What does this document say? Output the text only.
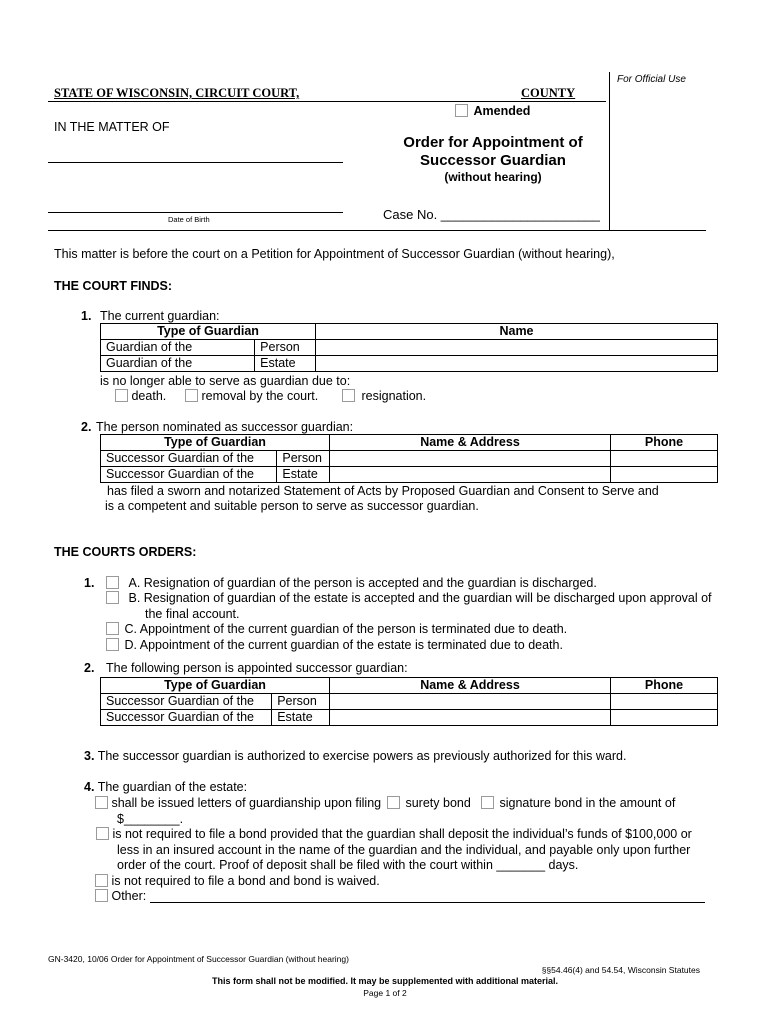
For Official Use
STATE OF WISCONSIN, CIRCUIT COURT,	COUNTY
Amended
IN THE MATTER OF
Date of Birth
Order for Appointment of
Successor Guardian
(without hearing)
Case No. ______________________
This matter is before the court on a Petition for Appointment of Successor Guardian (without hearing),
THE COURT FINDS:
1. The current guardian:
Type of Guardian		Name
Guardian of the	Person	
Guardian of the	Estate	
is no longer able to serve as guardian due to:
death.	removal by the court.	resignation.
2. The person nominated as successor guardian:
Type of Guardian		Name & Address	Phone
Successor Guardian of the	Person		
Successor Guardian of the	Estate		
has filed a sworn and notarized Statement of Acts by Proposed Guardian and Consent to Serve and
is a competent and suitable person to serve as successor guardian.
THE COURTS ORDERS:
1.	A. Resignation of guardian of the person is accepted and the guardian is discharged.
B. Resignation of guardian of the estate is accepted and the guardian will be discharged upon approval of
the final account.
C. Appointment of the current guardian of the person is terminated due to death.
D. Appointment of the current guardian of the estate is terminated due to death.
2. The following person is appointed successor guardian:
Type of Guardian		Name & Address	Phone
Successor Guardian of the	Person		
Successor Guardian of the	Estate		
3. The successor guardian is authorized to exercise powers as previously authorized for this ward.
4. The guardian of the estate:
shall be issued letters of guardianship upon filing	surety bond	signature bond in the amount of
$________.
is not required to file a bond provided that the guardian shall deposit the individual’s funds of $100,000 or
less in an insured account in the name of the guardian and the individual, and payable only upon further
order of the court. Proof of deposit shall be filed with the court within _______ days.
is not required to file a bond and bond is waived.
Other:
GN-3420, 10/06 Order for Appointment of Successor Guardian (without hearing)
§§54.46(4) and 54.54, Wisconsin Statutes
This form shall not be modified. It may be supplemented with additional material.
Page 1 of 2
